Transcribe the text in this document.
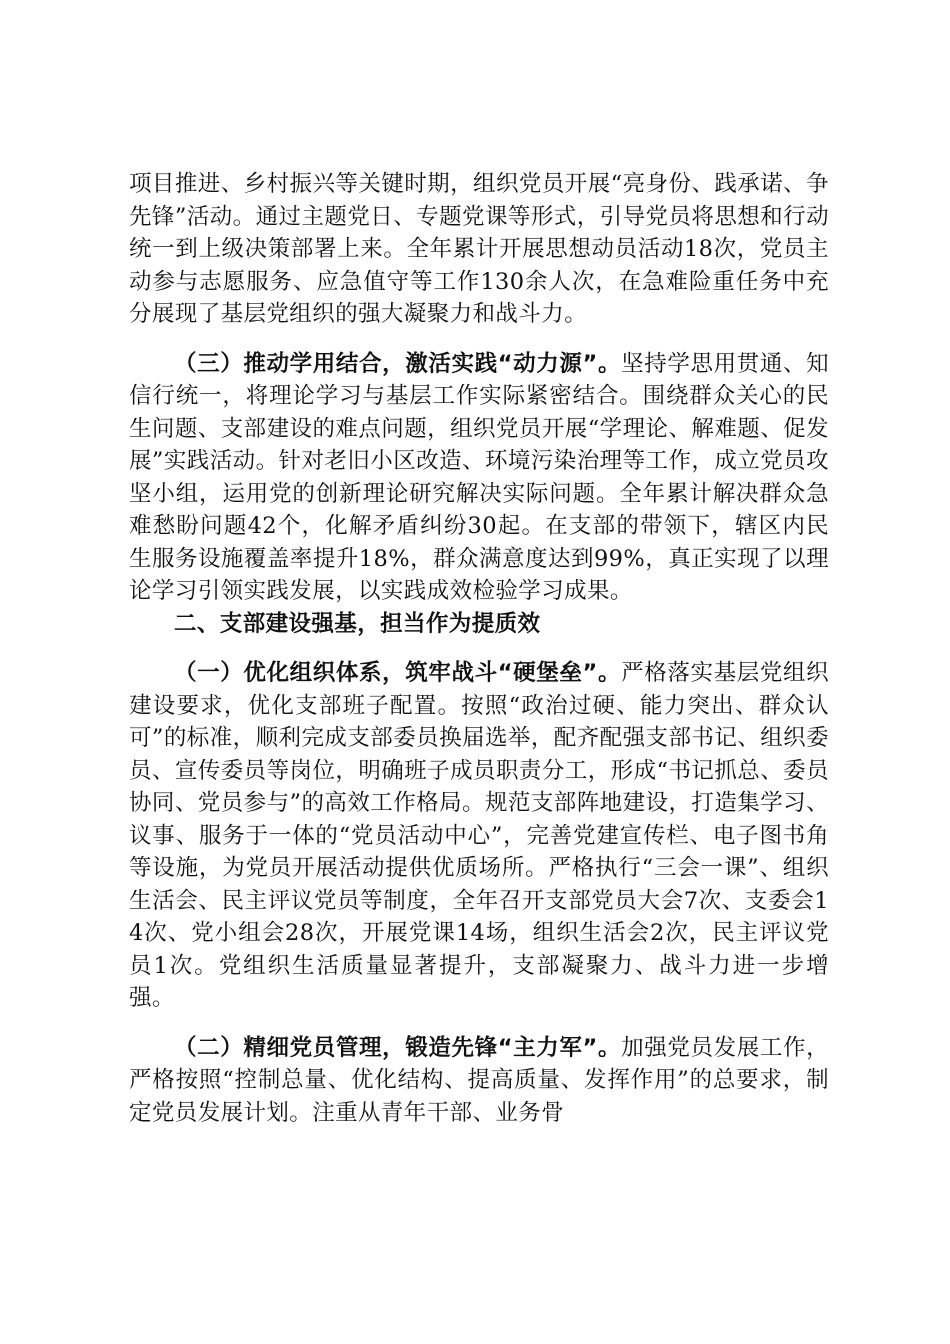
项目推进、乡村振兴等关键时期，组织党员开展“亮身份、践承诺、争先锋”活动。通过主题党日、专题党课等形式，引导党员将思想和行动统一到上级决策部署上来。全年累计开展思想动员活动18次，党员主动参与志愿服务、应急值守等工作130余人次，在急难险重任务中充分展现了基层党组织的强大凝聚力和战斗力。

（三）推动学用结合，激活实践“动力源”。坚持学思用贯通、知信行统一，将理论学习与基层工作实际紧密结合。围绕群众关心的民生问题、支部建设的难点问题，组织党员开展“学理论、解难题、促发展”实践活动。针对老旧小区改造、环境污染治理等工作，成立党员攻坚小组，运用党的创新理论研究解决实际问题。全年累计解决群众急难愁盼问题42个，化解矛盾纠纷30起。在支部的带领下，辖区内民生服务设施覆盖率提升18%，群众满意度达到99%，真正实现了以理论学习引领实践发展，以实践成效检验学习成果。

二、支部建设强基，担当作为提质效

（一）优化组织体系，筑牢战斗“硬堡垒”。严格落实基层党组织建设要求，优化支部班子配置。按照“政治过硬、能力突出、群众认可”的标准，顺利完成支部委员换届选举，配齐配强支部书记、组织委员、宣传委员等岗位，明确班子成员职责分工，形成“书记抓总、委员协同、党员参与”的高效工作格局。规范支部阵地建设，打造集学习、议事、服务于一体的“党员活动中心”，完善党建宣传栏、电子图书角等设施，为党员开展活动提供优质场所。严格执行“三会一课”、组织生活会、民主评议党员等制度，全年召开支部党员大会7次、支委会14次、党小组会28次，开展党课14场，组织生活会2次，民主评议党员1次。党组织生活质量显著提升，支部凝聚力、战斗力进一步增强。

（二）精细党员管理，锻造先锋“主力军”。加强党员发展工作，严格按照“控制总量、优化结构、提高质量、发挥作用”的总要求，制定党员发展计划。注重从青年干部、业务骨
